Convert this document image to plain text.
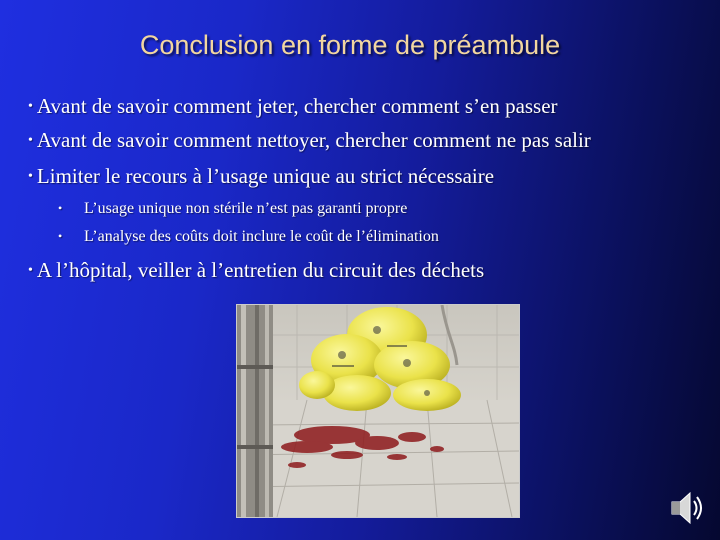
Conclusion en forme de préambule
• Avant de savoir comment jeter, chercher comment s’en passer
• Avant de savoir comment nettoyer, chercher comment ne pas salir
• Limiter le recours à l’usage unique au strict nécessaire
• L’usage unique non stérile n’est pas garanti propre
• L’analyse des coûts doit inclure le coût de l’élimination
• A l’hôpital, veiller à l’entretien du circuit des déchets
